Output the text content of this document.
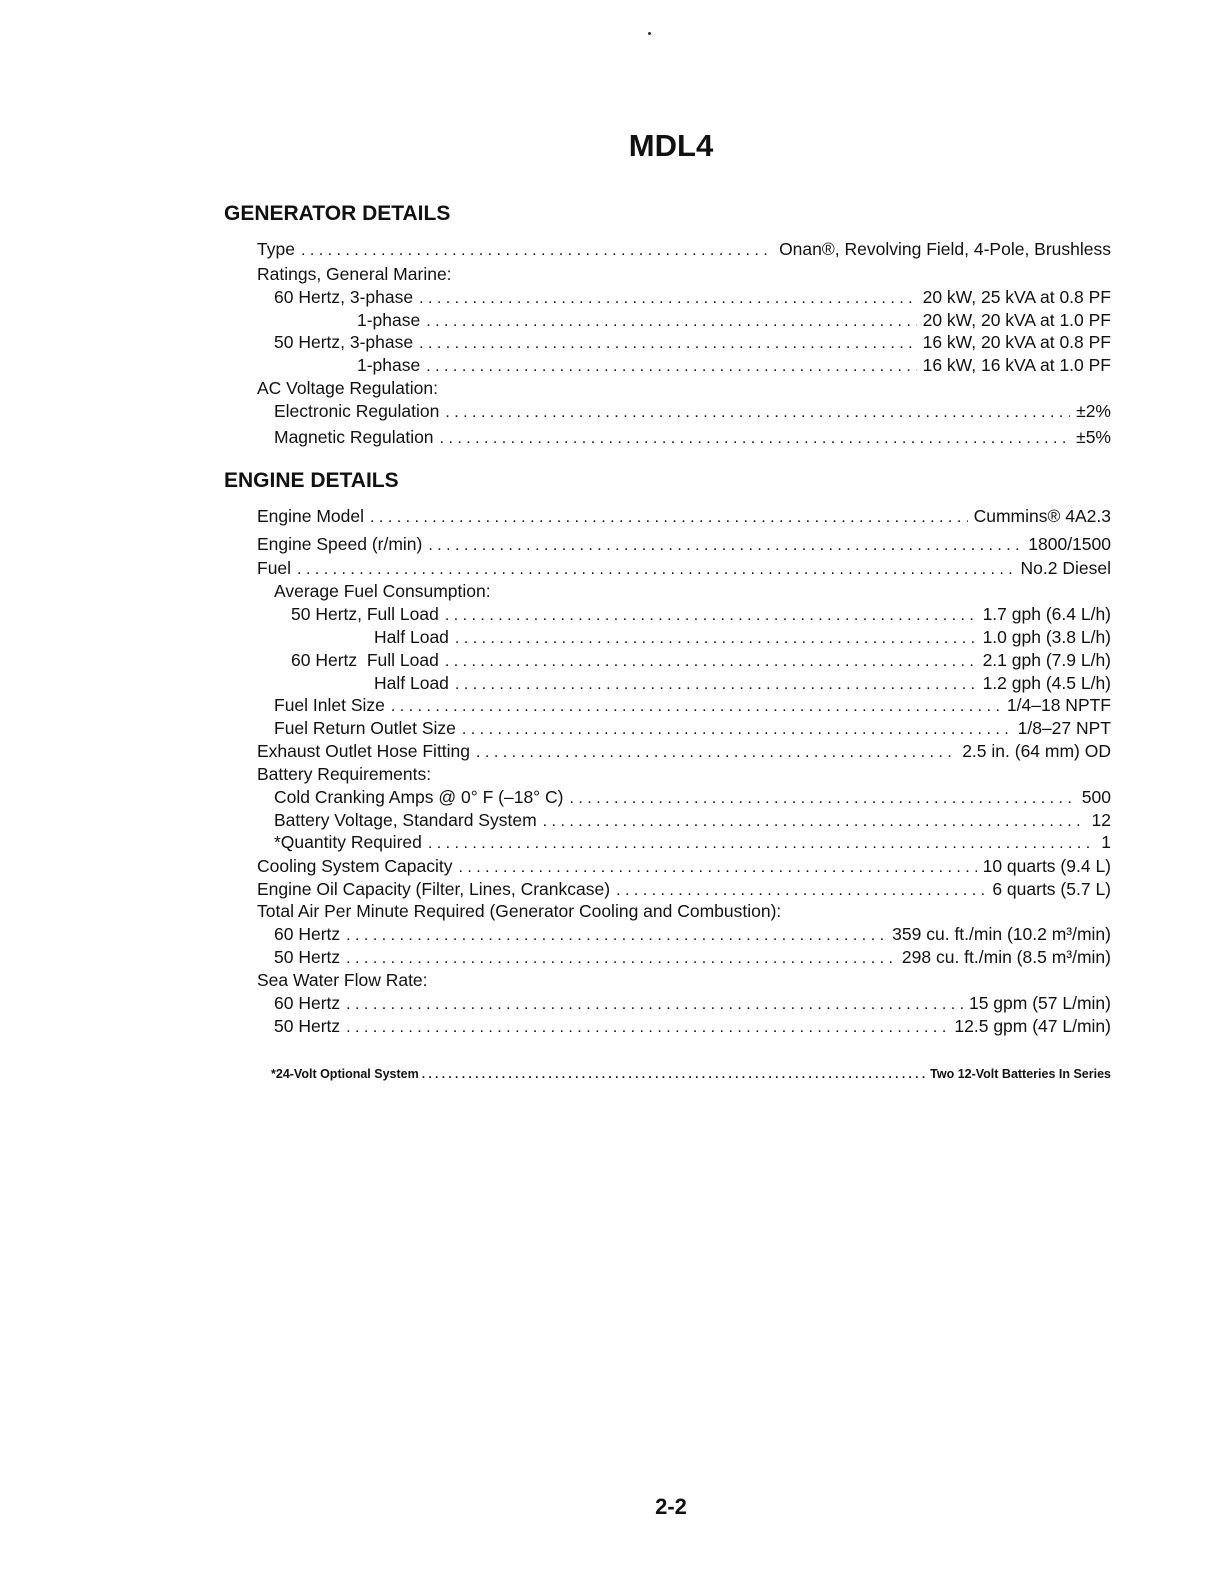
MDL4
GENERATOR DETAILS
Type . . .	Onan®, Revolving Field, 4-Pole, Brushless
Ratings, General Marine:
60 Hertz, 3-phase . . .	20 kW, 25 kVA at 0.8 PF
1-phase . . .	20 kW, 20 kVA at 1.0 PF
50 Hertz, 3-phase . . .	16 kW, 20 kVA at 0.8 PF
1-phase . . .	16 kW, 16 kVA at 1.0 PF
AC Voltage Regulation:
Electronic Regulation . . .	±2%
Magnetic Regulation . . .	±5%
ENGINE DETAILS
Engine Model . . .	Cummins® 4A2.3
Engine Speed (r/min) . . .	1800/1500
Fuel . . .	No.2 Diesel
Average Fuel Consumption:
50 Hertz, Full Load . . .	1.7 gph (6.4 L/h)
Half Load . . .	1.0 gph (3.8 L/h)
60 Hertz  Full Load . . .	2.1 gph (7.9 L/h)
Half Load . . .	1.2 gph (4.5 L/h)
Fuel Inlet Size . . .	1/4–18 NPTF
Fuel Return Outlet Size . . .	1/8–27 NPT
Exhaust Outlet Hose Fitting . . .	2.5 in. (64 mm) OD
Battery Requirements:
Cold Cranking Amps @ 0° F (–18° C) . . .	500
Battery Voltage, Standard System . . .	12
*Quantity Required . . .	1
Cooling System Capacity . . .	10 quarts (9.4 L)
Engine Oil Capacity (Filter, Lines, Crankcase) . . .	6 quarts (5.7 L)
Total Air Per Minute Required (Generator Cooling and Combustion):
60 Hertz . . .	359 cu. ft./min (10.2 m³/min)
50 Hertz . . .	298 cu. ft./min (8.5 m³/min)
Sea Water Flow Rate:
60 Hertz . . .	15 gpm (57 L/min)
50 Hertz . . .	12.5 gpm (47 L/min)
*24-Volt Optional System . . .	Two 12-Volt Batteries In Series
2-2
